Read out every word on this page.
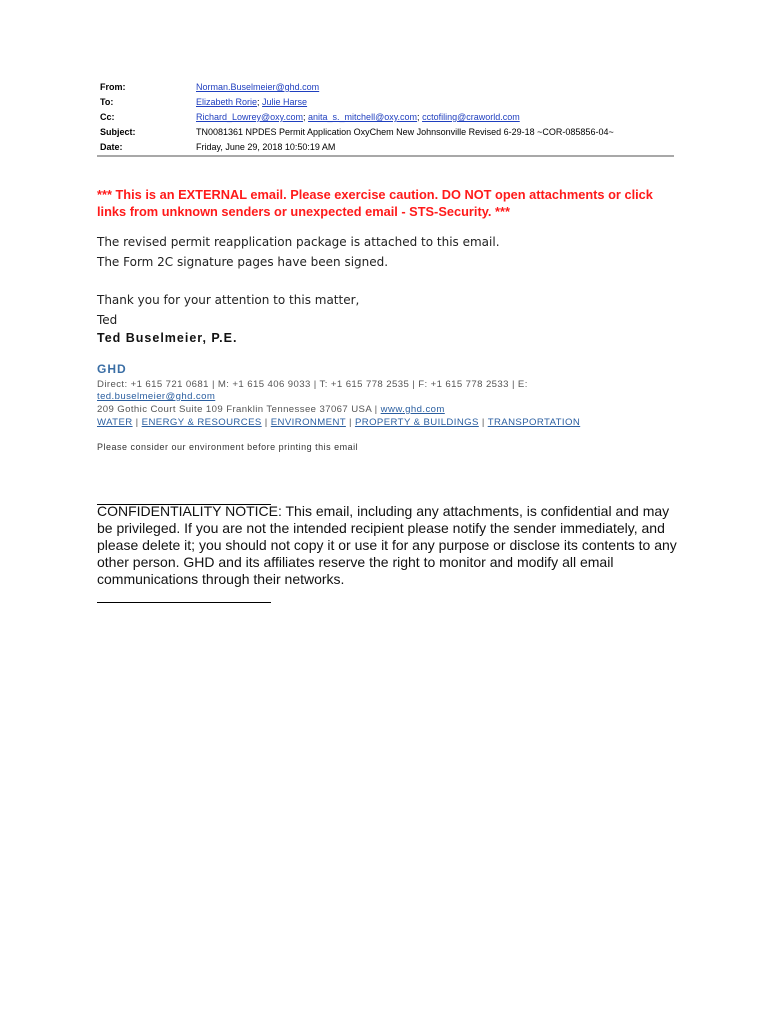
From:	Norman.Buselmeier@ghd.com
To:	Elizabeth Rorie; Julie Harse
Cc:	Richard_Lowrey@oxy.com; anita_s._mitchell@oxy.com; cctofiling@craworld.com
Subject:	TN0081361 NPDES Permit Application OxyChem New Johnsonville Revised 6-29-18 ~COR-085856-04~
Date:	Friday, June 29, 2018 10:50:19 AM
*** This is an EXTERNAL email. Please exercise caution. DO NOT open attachments or click links from unknown senders or unexpected email - STS-Security. ***
The revised permit reapplication package is attached to this email.
The Form 2C signature pages have been signed.
Thank you for your attention to this matter,
Ted
Ted Buselmeier, P.E.
GHD
Direct: +1 615 721 0681 | M: +1 615 406 9033 | T: +1 615 778 2535 | F: +1 615 778 2533 | E:
ted.buselmeier@ghd.com
209 Gothic Court Suite 109 Franklin Tennessee 37067 USA | www.ghd.com
WATER | ENERGY & RESOURCES | ENVIRONMENT | PROPERTY & BUILDINGS | TRANSPORTATION
Please consider our environment before printing this email
CONFIDENTIALITY NOTICE: This email, including any attachments, is confidential and may be privileged. If you are not the intended recipient please notify the sender immediately, and please delete it; you should not copy it or use it for any purpose or disclose its contents to any other person. GHD and its affiliates reserve the right to monitor and modify all email communications through their networks.
